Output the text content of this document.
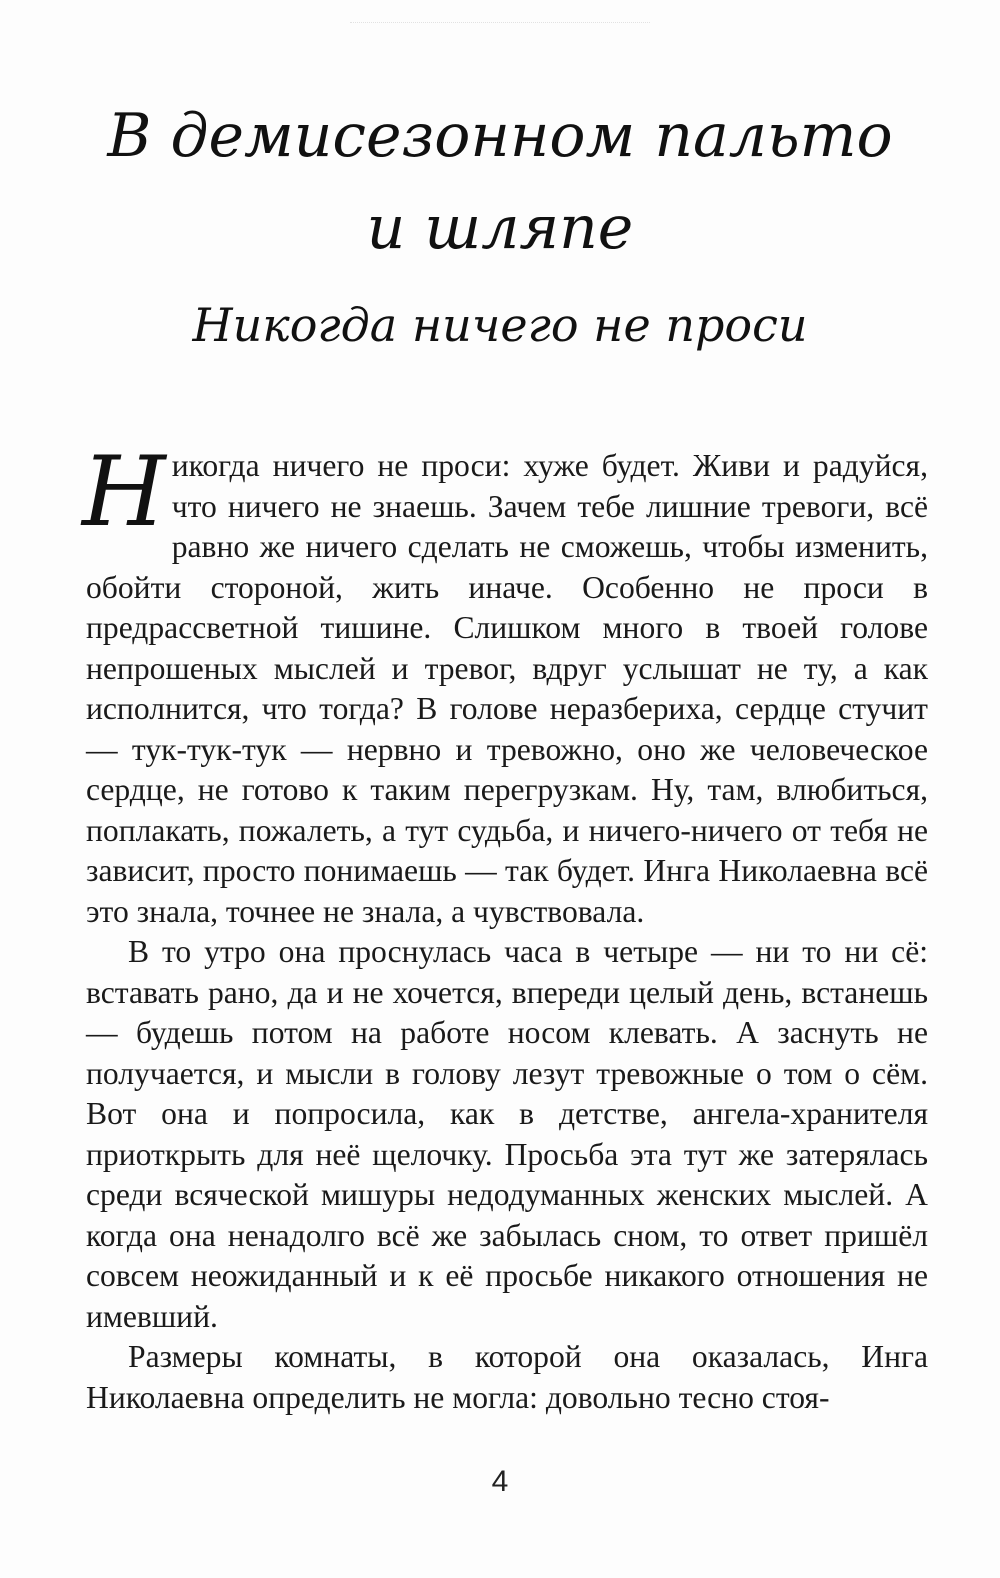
В демисезонном пальто
и шляпе
Никогда ничего не проси

Никогда ничего не проси: хуже будет. Живи и радуйся, что ничего не знаешь. Зачем тебе лишние тревоги, всё равно же ничего сделать не сможешь, чтобы изменить, обойти стороной, жить иначе. Особенно не проси в предрассветной тишине. Слишком много в твоей голове непрошеных мыслей и тревог, вдруг услышат не ту, а как исполнится, что тогда? В голове неразбериха, сердце стучит — тук-тук-тук — нервно и тревожно, оно же человеческое сердце, не готово к таким перегрузкам. Ну, там, влюбиться, поплакать, пожалеть, а тут судьба, и ничего-ничего от тебя не зависит, просто понимаешь — так будет. Инга Николаевна всё это знала, точнее не знала, а чувствовала.

В то утро она проснулась часа в четыре — ни то ни сё: вставать рано, да и не хочется, впереди целый день, встанешь — будешь потом на работе носом клевать. А заснуть не получается, и мысли в голову лезут тревожные о том о сём. Вот она и попросила, как в детстве, ангела-хранителя приоткрыть для неё щелочку. Просьба эта тут же затерялась среди всяческой мишуры недодуманных женских мыслей. А когда она ненадолго всё же забылась сном, то ответ пришёл совсем неожиданный и к её просьбе никакого отношения не имевший.

Размеры комнаты, в которой она оказалась, Инга Николаевна определить не могла: довольно тесно стоя-

4
